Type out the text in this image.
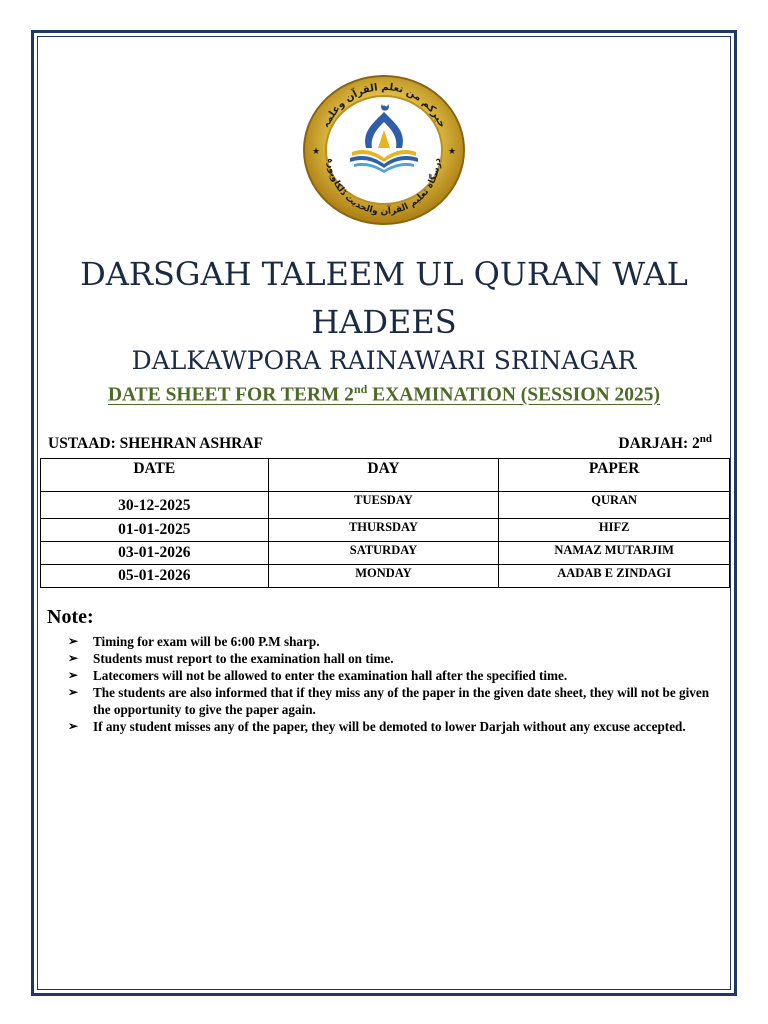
خیرکم من تعلم القرآن وعلمہ
درسگاہ تعلیم القرآن والحدیث ڈلکاوپورہ
★	★
DARSGAH TALEEM UL QURAN WAL
HADEES
DALKAWPORA RAINAWARI SRINAGAR
DATE SHEET FOR TERM 2nd EXAMINATION (SESSION 2025)
USTAAD: SHEHRAN ASHRAF	DARJAH: 2nd
DATE	DAY	PAPER
30-12-2025	TUESDAY	QURAN
01-01-2025	THURSDAY	HIFZ
03-01-2026	SATURDAY	NAMAZ MUTARJIM
05-01-2026	MONDAY	AADAB E ZINDAGI
Note:
➢ Timing for exam will be 6:00 P.M sharp.
➢ Students must report to the examination hall on time.
➢ Latecomers will not be allowed to enter the examination hall after the specified time.
➢ The students are also informed that if they miss any of the paper in the given date sheet, they will not be given the opportunity to give the paper again.
➢ If any student misses any of the paper, they will be demoted to lower Darjah without any excuse accepted.
